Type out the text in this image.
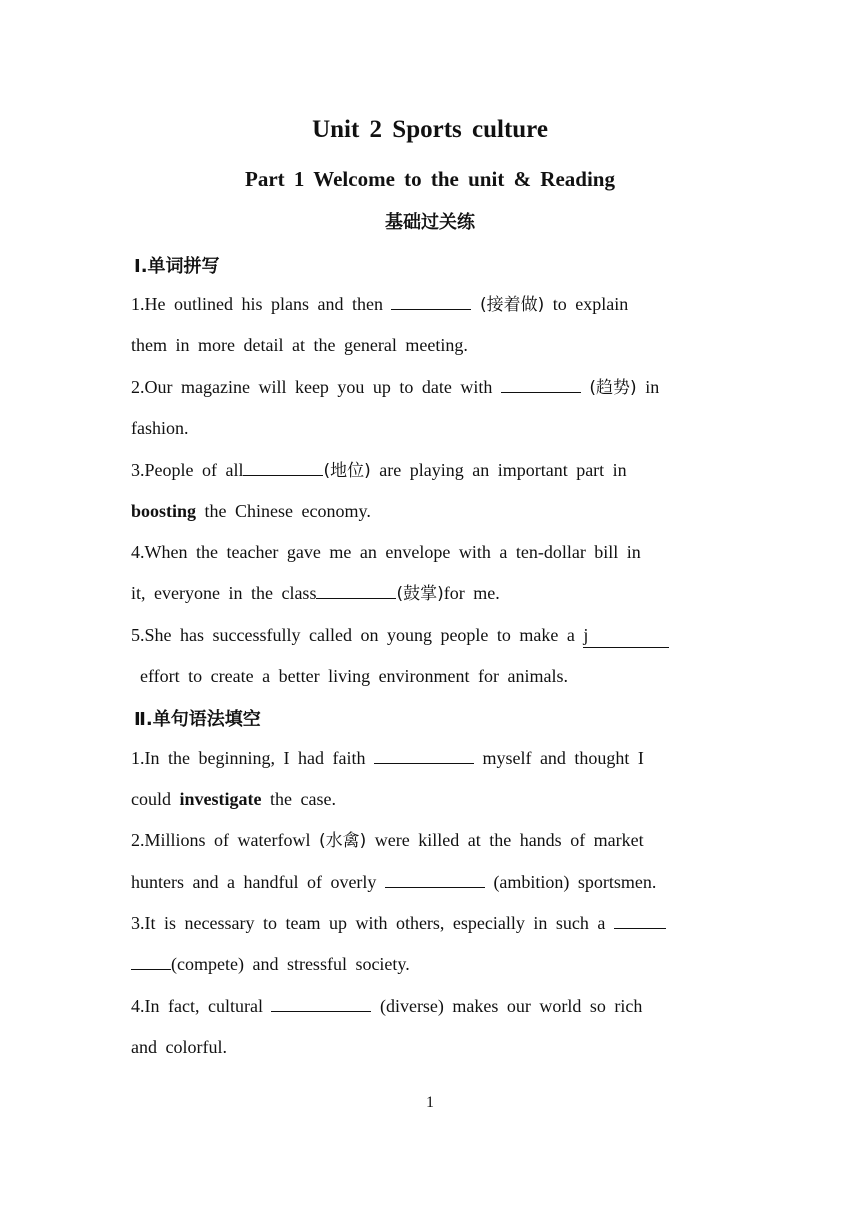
Unit 2 Sports culture
Part 1 Welcome to the unit & Reading
基础过关练
Ⅰ.单词拼写
1.He outlined his plans and then	(接着做) to explain
them in more detail at the general meeting.
2.Our magazine will keep you up to date with	(趋势) in
fashion.
3.People of all	(地位) are playing an important part in
boosting the Chinese economy.
4.When the teacher gave me an envelope with a ten-dollar bill in
it, everyone in the class	(鼓掌)for me.
5.She has successfully called on young people to make a j
effort to create a better living environment for animals.
Ⅱ.单句语法填空
1.In the beginning, I had faith	myself and thought I
could investigate the case.
2.Millions of waterfowl (水禽) were killed at the hands of market
hunters and a handful of overly	(ambition) sportsmen.
3.It is necessary to team up with others, especially in such a
(compete) and stressful society.
4.In fact, cultural	(diverse) makes our world so rich
and colorful.
1
